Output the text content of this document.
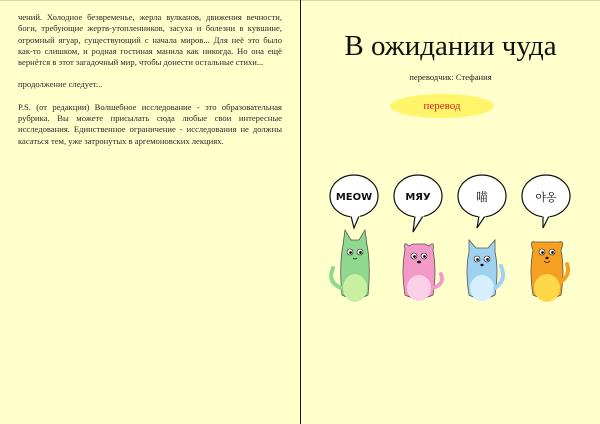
чений. Холодное безвременье, жерла вулканов, движения вечности, боги, требующие жертв-утопленников, засуха и болезни в кувшине, огромный ягуар, существующий с начала миров... Для неё это было как-то слишком, и родная гостиная манила как никогда. Но она ещё вернётся в этот загадочный мир, чтобы донести остальные стихи...

продолжение следует...

P.S. (от редакции) Волшебное исследование - это образовательная рубрика. Вы можете присылать сюда любые свои интересные исследования. Единственное ограничение - исследования не должны касаться тем, уже затронутых в аргемоновских лекциях.

В ожидании чуда
переводчик: Стефания
перевод
MEOW	МЯУ	喵	야옹
